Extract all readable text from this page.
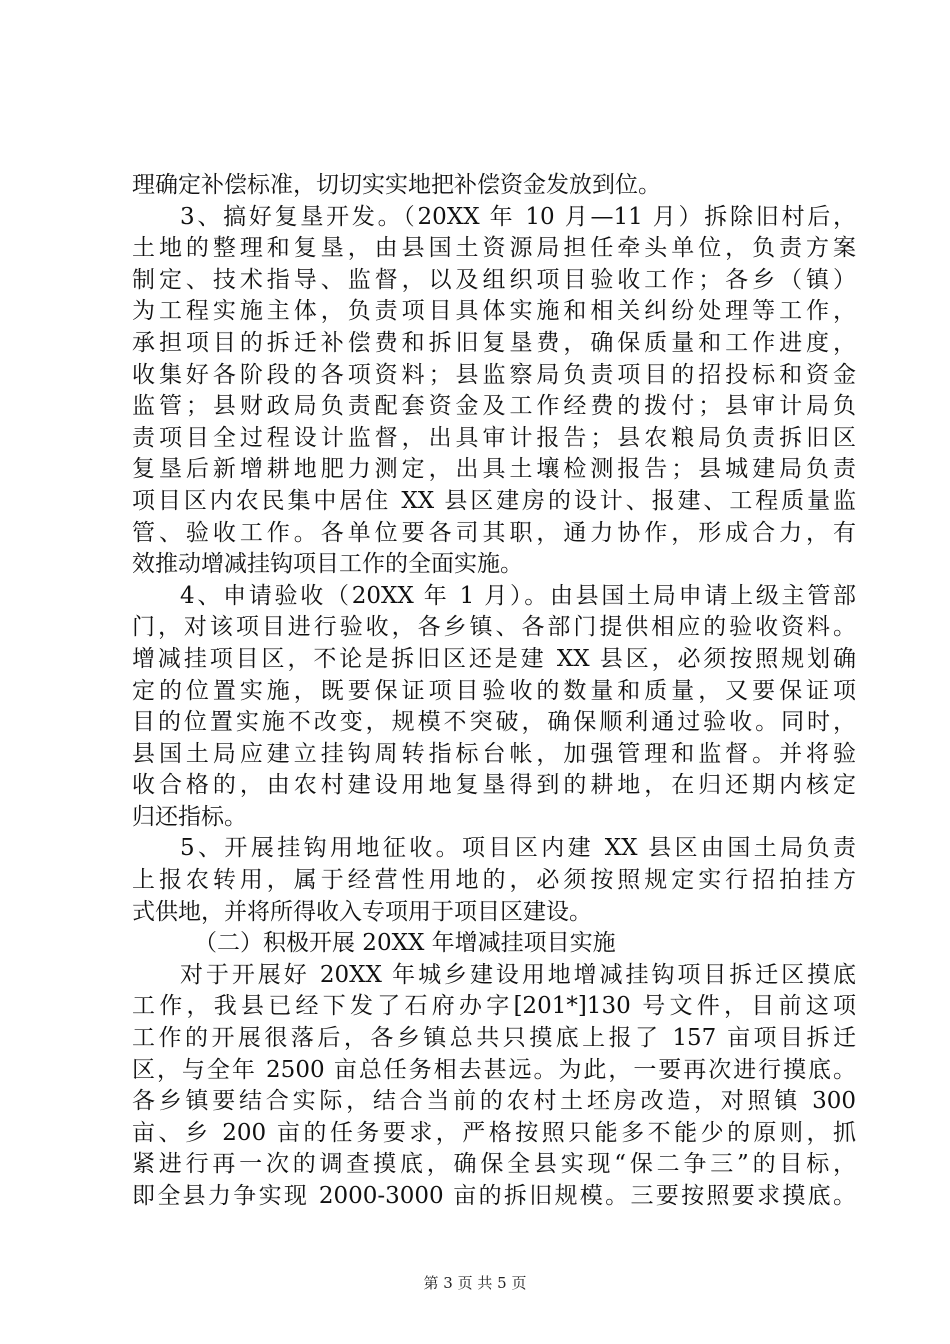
理确定补偿标准，切切实实地把补偿资金发放到位。
3、搞好复垦开发。（20XX 年 10 月—11 月）拆除旧村后，
土地的整理和复垦，由县国土资源局担任牵头单位，负责方案
制定、技术指导、监督，以及组织项目验收工作；各乡（镇）
为工程实施主体，负责项目具体实施和相关纠纷处理等工作，
承担项目的拆迁补偿费和拆旧复垦费，确保质量和工作进度，
收集好各阶段的各项资料；县监察局负责项目的招投标和资金
监管；县财政局负责配套资金及工作经费的拨付；县审计局负
责项目全过程设计监督，出具审计报告；县农粮局负责拆旧区
复垦后新增耕地肥力测定，出具土壤检测报告；县城建局负责
项目区内农民集中居住 XX 县区建房的设计、报建、工程质量监
管、验收工作。各单位要各司其职，通力协作，形成合力，有
效推动增减挂钩项目工作的全面实施。
4、申请验收（20XX 年 1 月）。由县国土局申请上级主管部
门，对该项目进行验收，各乡镇、各部门提供相应的验收资料。
增减挂项目区，不论是拆旧区还是建 XX 县区，必须按照规划确
定的位置实施，既要保证项目验收的数量和质量，又要保证项
目的位置实施不改变，规模不突破，确保顺利通过验收。同时，
县国土局应建立挂钩周转指标台帐，加强管理和监督。并将验
收合格的，由农村建设用地复垦得到的耕地，在归还期内核定
归还指标。
5、开展挂钩用地征收。项目区内建 XX 县区由国土局负责
上报农转用，属于经营性用地的，必须按照规定实行招拍挂方
式供地，并将所得收入专项用于项目区建设。
（二）积极开展 20XX 年增减挂项目实施
对于开展好 20XX 年城乡建设用地增减挂钩项目拆迁区摸底
工作，我县已经下发了石府办字[201*]130 号文件，目前这项
工作的开展很落后，各乡镇总共只摸底上报了 157 亩项目拆迁
区，与全年 2500 亩总任务相去甚远。为此，一要再次进行摸底。
各乡镇要结合实际，结合当前的农村土坯房改造，对照镇 300
亩、乡 200 亩的任务要求，严格按照只能多不能少的原则，抓
紧进行再一次的调查摸底，确保全县实现“保二争三”的目标，
即全县力争实现 2000-3000 亩的拆旧规模。三要按照要求摸底。
第 3 页 共 5 页
